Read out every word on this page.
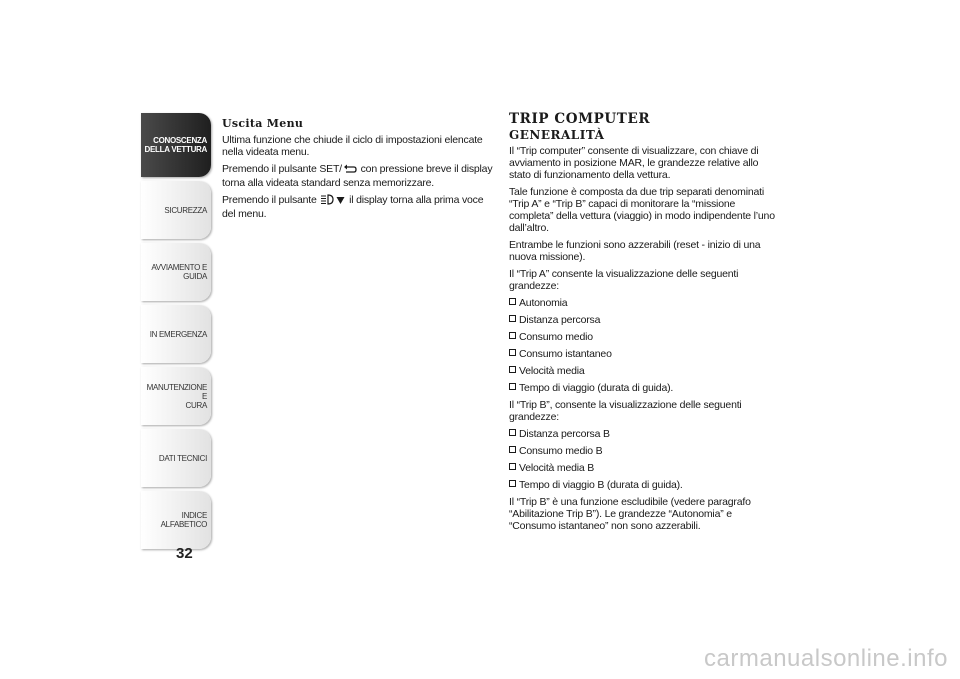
CONOSCENZA
DELLA VETTURA
SICUREZZA
AVVIAMENTO E
GUIDA
IN EMERGENZA
MANUTENZIONE E
CURA
DATI TECNICI
INDICE ALFABETICO
32
Uscita Menu

Ultima funzione che chiude il ciclo di impostazioni elencate nella videata menu.

Premendo il pulsante SET/ con pressione breve il display torna alla videata standard senza memorizzare.

Premendo il pulsante	il display torna alla prima voce del menu.

TRIP COMPUTER
GENERALITÀ

Il “Trip computer” consente di visualizzare, con chiave di avviamento in posizione MAR, le grandezze relative allo stato di funzionamento della vettura.

Tale funzione è composta da due trip separati denominati “Trip A” e “Trip B” capaci di monitorare la “missione completa” della vettura (viaggio) in modo indipendente l’uno dall’altro.

Entrambe le funzioni sono azzerabili (reset - inizio di una nuova missione).

Il “Trip A” consente la visualizzazione delle seguenti grandezze:

Autonomia
Distanza percorsa
Consumo medio
Consumo istantaneo
Velocità media
Tempo di viaggio (durata di guida).

Il “Trip B”, consente la visualizzazione delle seguenti grandezze:

Distanza percorsa B
Consumo medio B
Velocità media B
Tempo di viaggio B (durata di guida).

Il “Trip B” è una funzione escludibile (vedere paragrafo “Abilitazione Trip B”). Le grandezze “Autonomia” e “Consumo istantaneo” non sono azzerabili.

carmanualsonline.info
